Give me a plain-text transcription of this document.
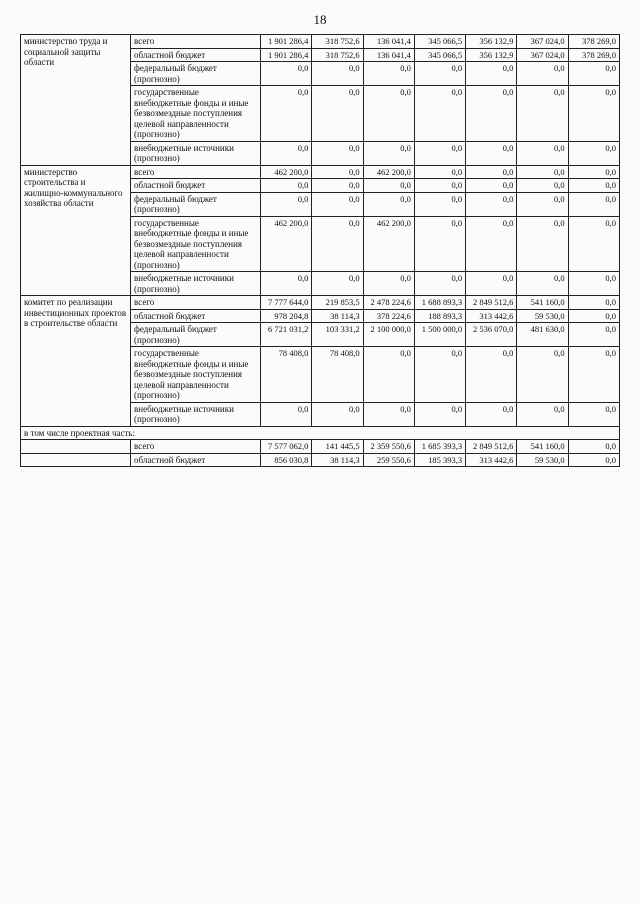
18
министерство труда и социальной защиты области	всего	1 901 286,4	318 752,6	136 041,4	345 066,5	356 132,9	367 024,0	378 269,0
	областной бюджет	1 901 286,4	318 752,6	136 041,4	345 066,5	356 132,9	367 024,0	378 269,0
	федеральный бюджет (прогнозно)	0,0	0,0	0,0	0,0	0,0	0,0	0,0
	государственные внебюджетные фонды и иные безвозмездные поступления целевой направленности (прогнозно)	0,0	0,0	0,0	0,0	0,0	0,0	0,0
	внебюджетные источники (прогнозно)	0,0	0,0	0,0	0,0	0,0	0,0	0,0
министерство строительства и жилищно-коммунального хозяйства области	всего	462 200,0	0,0	462 200,0	0,0	0,0	0,0	0,0
	областной бюджет	0,0	0,0	0,0	0,0	0,0	0,0	0,0
	федеральный бюджет (прогнозно)	0,0	0,0	0,0	0,0	0,0	0,0	0,0
	государственные внебюджетные фонды и иные безвозмездные поступления целевой направленности (прогнозно)	462 200,0	0,0	462 200,0	0,0	0,0	0,0	0,0
	внебюджетные источники (прогнозно)	0,0	0,0	0,0	0,0	0,0	0,0	0,0
комитет по реализации инвестиционных проектов в строительстве области	всего	7 777 644,0	219 853,5	2 478 224,6	1 688 893,3	2 849 512,6	541 160,0	0,0
	областной бюджет	978 204,8	38 114,3	378 224,6	188 893,3	313 442,6	59 530,0	0,0
	федеральный бюджет (прогнозно)	6 721 031,2	103 331,2	2 100 000,0	1 500 000,0	2 536 070,0	481 630,0	0,0
	государственные внебюджетные фонды и иные безвозмездные поступления целевой направленности (прогнозно)	78 408,0	78 408,0	0,0	0,0	0,0	0,0	0,0
	внебюджетные источники (прогнозно)	0,0	0,0	0,0	0,0	0,0	0,0	0,0
в том числе проектная часть:								
	всего	7 577 062,0	141 445,5	2 359 550,6	1 685 393,3	2 849 512,6	541 160,0	0,0
	областной бюджет	856 030,8	38 114,3	259 550,6	185 393,3	313 442,6	59 530,0	0,0
